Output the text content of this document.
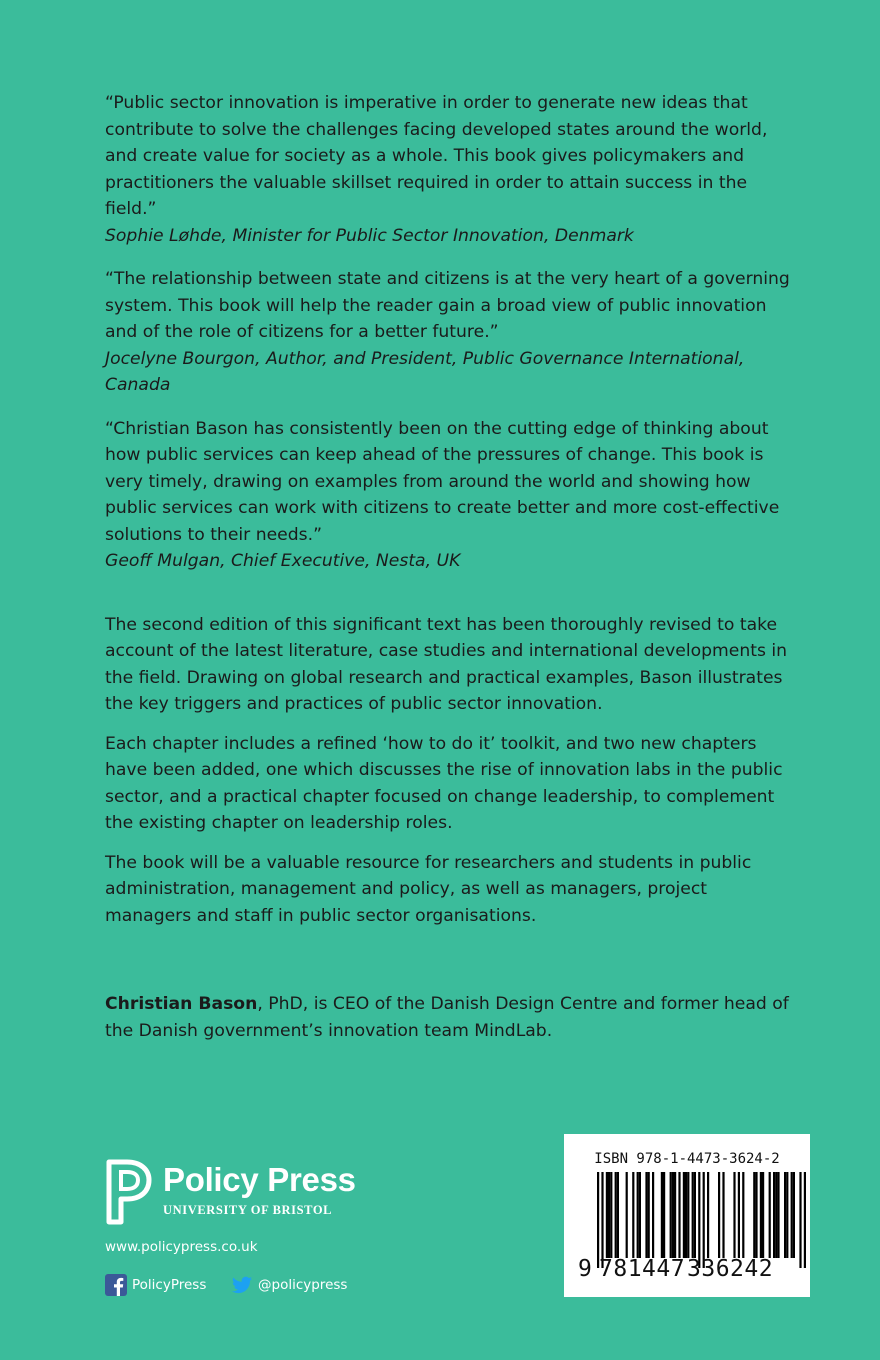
“Public sector innovation is imperative in order to generate new ideas that contribute to solve the challenges facing developed states around the world, and create value for society as a whole. This book gives policymakers and practitioners the valuable skillset required in order to attain success in the field.”

Sophie Løhde, Minister for Public Sector Innovation, Denmark

“The relationship between state and citizens is at the very heart of a governing system. This book will help the reader gain a broad view of public innovation and of the role of citizens for a better future.”

Jocelyne Bourgon, Author, and President, Public Governance International, Canada

“Christian Bason has consistently been on the cutting edge of thinking about how public services can keep ahead of the pressures of change. This book is very timely, drawing on examples from around the world and showing how public services can work with citizens to create better and more cost-effective solutions to their needs.”

Geoff Mulgan, Chief Executive, Nesta, UK

The second edition of this significant text has been thoroughly revised to take account of the latest literature, case studies and international developments in the field. Drawing on global research and practical examples, Bason illustrates the key triggers and practices of public sector innovation.

Each chapter includes a refined ‘how to do it’ toolkit, and two new chapters have been added, one which discusses the rise of innovation labs in the public sector, and a practical chapter focused on change leadership, to complement the existing chapter on leadership roles.

The book will be a valuable resource for researchers and students in public administration, management and policy, as well as managers, project managers and staff in public sector organisations.

Christian Bason, PhD, is CEO of the Danish Design Centre and former head of the Danish government’s innovation team MindLab.

Policy Press
UNIVERSITY OF BRISTOL
www.policypress.co.uk
PolicyPress	@policypress
ISBN 978-1-4473-3624-2
9 781447 336242
